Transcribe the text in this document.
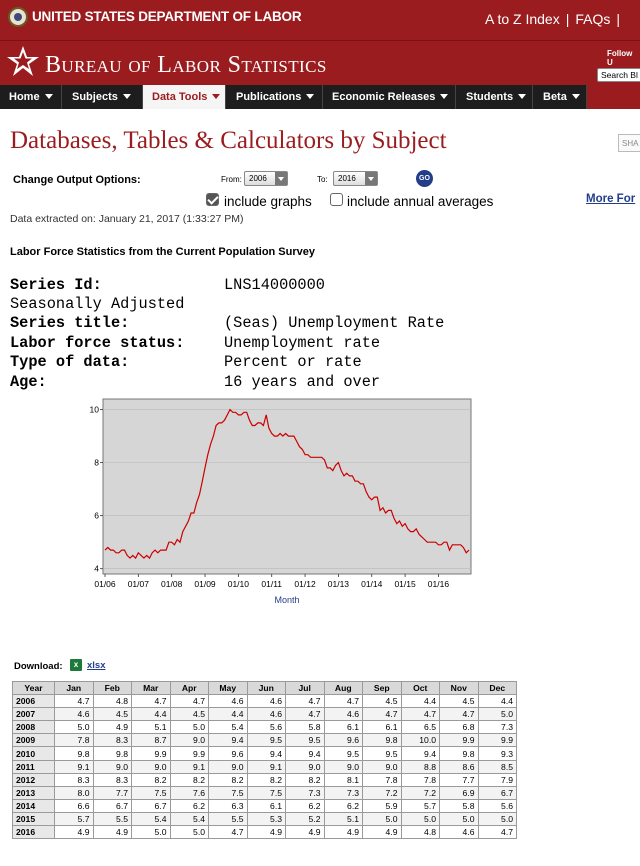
UNITED STATES DEPARTMENT OF LABOR	A to Z Index | FAQs |
Bureau of Labor Statistics	Follow U
Search Bl
Home	Subjects	Data Tools	Publications	Economic Releases	Students	Beta
Databases, Tables & Calculators by Subject	SHA
Change Output Options:	From: 2006	To:	2016	GO
include graphs	include annual averages	More For
Data extracted on: January 21, 2017 (1:33:27 PM)
Labor Force Statistics from the Current Population Survey
Series Id:	LNS14000000
Seasonally Adjusted
Series title:	(Seas) Unemployment Rate
Labor force status:	Unemployment rate
Type of data:	Percent or rate
Age:	16 years and over
4
6
8
10
01/06 01/07 01/08 01/09 01/10 01/11 01/12 01/13 01/14 01/15 01/16
Month
Download:	x xlsx
Year	Jan	Feb	Mar	Apr	May	Jun	Jul	Aug	Sep	Oct	Nov	Dec
2006	4.7	4.8	4.7	4.7	4.6	4.6	4.7	4.7	4.5	4.4	4.5	4.4
2007	4.6	4.5	4.4	4.5	4.4	4.6	4.7	4.6	4.7	4.7	4.7	5.0
2008	5.0	4.9	5.1	5.0	5.4	5.6	5.8	6.1	6.1	6.5	6.8	7.3
2009	7.8	8.3	8.7	9.0	9.4	9.5	9.5	9.6	9.8	10.0	9.9	9.9
2010	9.8	9.8	9.9	9.9	9.6	9.4	9.4	9.5	9.5	9.4	9.8	9.3
2011	9.1	9.0	9.0	9.1	9.0	9.1	9.0	9.0	9.0	8.8	8.6	8.5
2012	8.3	8.3	8.2	8.2	8.2	8.2	8.2	8.1	7.8	7.8	7.7	7.9
2013	8.0	7.7	7.5	7.6	7.5	7.5	7.3	7.3	7.2	7.2	6.9	6.7
2014	6.6	6.7	6.7	6.2	6.3	6.1	6.2	6.2	5.9	5.7	5.8	5.6
2015	5.7	5.5	5.4	5.4	5.5	5.3	5.2	5.1	5.0	5.0	5.0	5.0
2016	4.9	4.9	5.0	5.0	4.7	4.9	4.9	4.9	4.9	4.8	4.6	4.7
